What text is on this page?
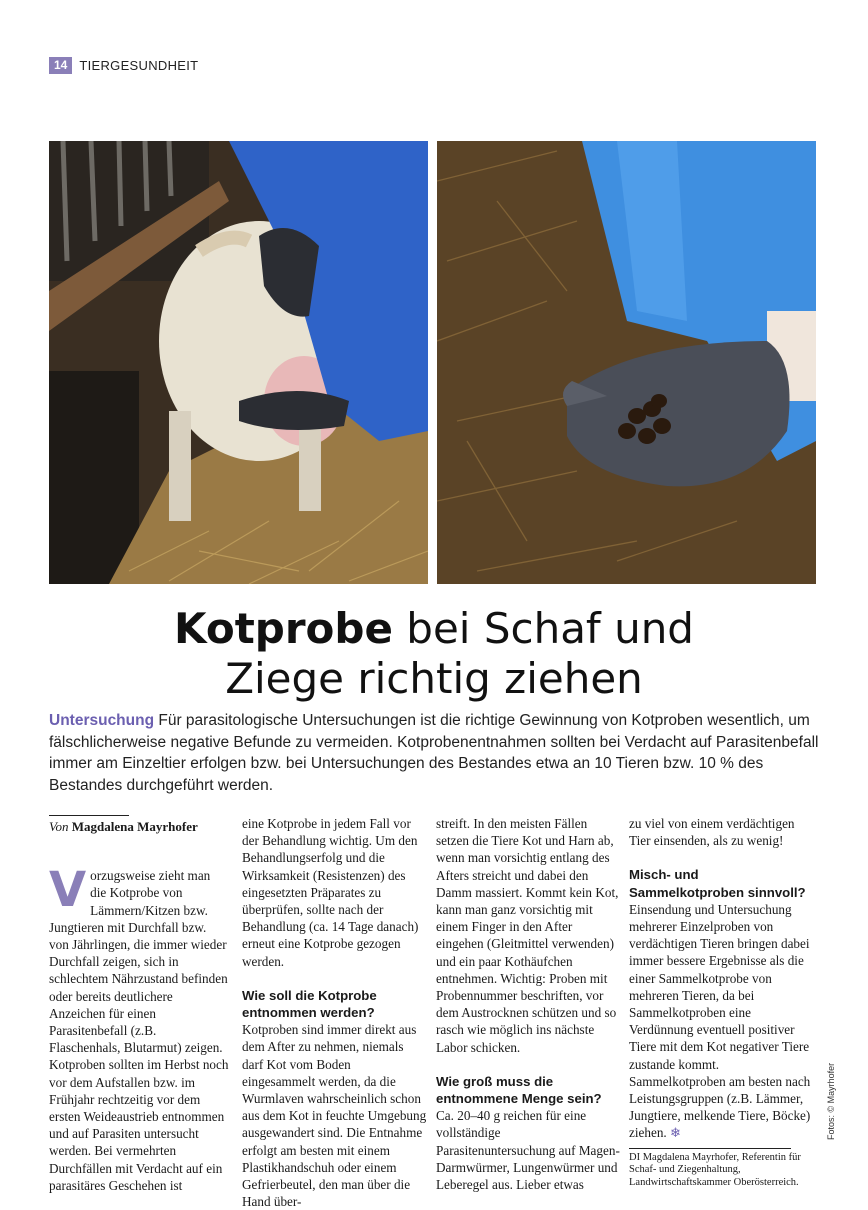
14 TIERGESUNDHEIT
Kotprobe bei Schaf und
Ziege richtig ziehen
Untersuchung Für parasitologische Untersuchungen ist die richtige Gewinnung von Kotproben wesentlich, um fälschlicherweise negative Befunde zu vermeiden. Kotprobenentnahmen sollten bei Verdacht auf Parasitenbefall immer am Einzeltier erfolgen bzw. bei Untersuchungen des Bestandes etwa an 10 Tieren bzw. 10 % des Bestandes durchgeführt werden.
Von Magdalena Mayrhofer

Vorzugsweise zieht man die Kotprobe von Lämmern/Kitzen bzw. Jungtieren mit Durchfall bzw. von Jährlingen, die immer wieder Durchfall zeigen, sich in schlechtem Nährzustand befinden oder bereits deutlichere Anzeichen für einen Parasitenbefall (z.B. Flaschenhals, Blutarmut) zeigen. Kotproben sollten im Herbst noch vor dem Aufstallen bzw. im Frühjahr rechtzeitig vor dem ersten Weideaustrieb entnommen und auf Parasiten untersucht werden. Bei vermehrten Durchfällen mit Verdacht auf ein parasitäres Geschehen ist

eine Kotprobe in jedem Fall vor der Behandlung wichtig. Um den Behandlungserfolg und die Wirksamkeit (Resistenzen) des eingesetzten Präparates zu überprüfen, sollte nach der Behandlung (ca. 14 Tage danach) erneut eine Kotprobe gezogen werden.

Wie soll die Kotprobe entnommen werden? Kotproben sind immer direkt aus dem After zu nehmen, niemals darf Kot vom Boden eingesammelt werden, da die Wurmlaven wahrscheinlich schon aus dem Kot in feuchte Umgebung ausgewandert sind. Die Entnahme erfolgt am besten mit einem Plastikhandschuh oder einem Gefrierbeutel, den man über die Hand über-

streift. In den meisten Fällen setzen die Tiere Kot und Harn ab, wenn man vorsichtig entlang des Afters streicht und dabei den Damm massiert. Kommt kein Kot, kann man ganz vorsichtig mit einem Finger in den After eingehen (Gleitmittel verwenden) und ein paar Kothäufchen entnehmen. Wichtig: Proben mit Probennummer beschriften, vor dem Austrocknen schützen und so rasch wie möglich ins nächste Labor schicken.

Wie groß muss die entnommene Menge sein? Ca. 20–40 g reichen für eine vollständige Parasitenuntersuchung auf Magen-Darmwürmer, Lungenwürmer und Leberegel aus. Lieber etwas

zu viel von einem verdächtigen Tier einsenden, als zu wenig!

Misch- und Sammelkotproben sinnvoll? Einsendung und Untersuchung mehrerer Einzelproben von verdächtigen Tieren bringen dabei immer bessere Ergebnisse als die einer Sammelkotprobe von mehreren Tieren, da bei Sammelkotproben eine Verdünnung eventuell positiver Tiere mit dem Kot negativer Tiere zustande kommt. Sammelkotproben am besten nach Leistungsgruppen (z.B. Lämmer, Jungtiere, melkende Tiere, Böcke) ziehen. ❄

DI Magdalena Mayrhofer, Referentin für Schaf- und Ziegenhaltung, Landwirtschaftskammer Oberösterreich.
Fotos: © Mayrhofer
